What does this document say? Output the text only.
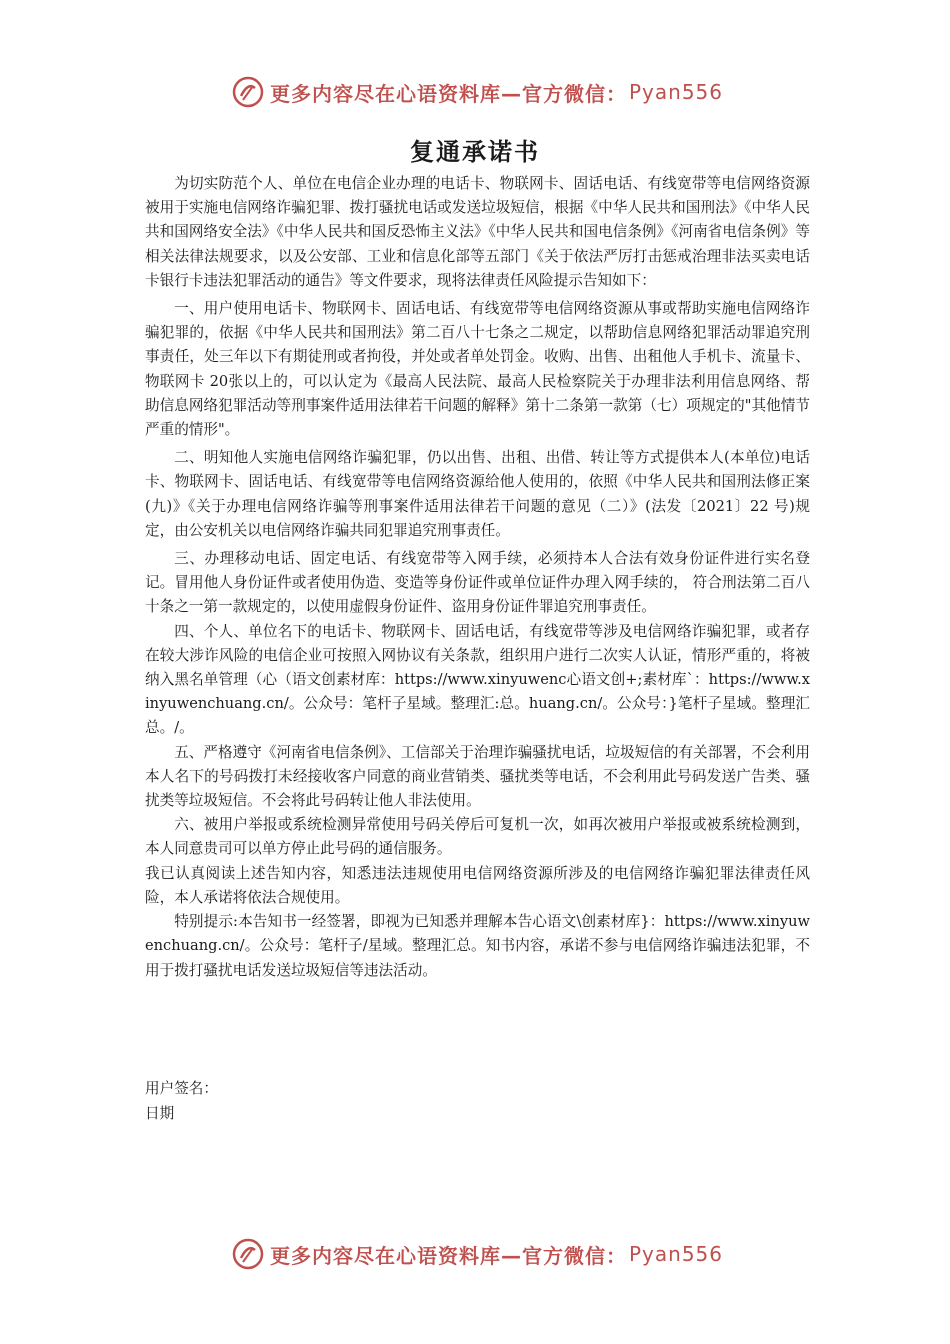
更多内容尽在心语资料库—官方微信： Pyan556
复通承诺书

为切实防范个人、单位在电信企业办理的电话卡、物联网卡、固话电话、有线宽带等电信网络资源被用于实施电信网络诈骗犯罪、拨打骚扰电话或发送垃圾短信，根据《中华人民共和国刑法》《中华人民共和国网络安全法》《中华人民共和国反恐怖主义法》《中华人民共和国电信条例》《河南省电信条例》等相关法律法规要求，以及公安部、工业和信息化部等五部门《关于依法严厉打击惩戒治理非法买卖电话卡银行卡违法犯罪活动的通告》等文件要求，现将法律责任风险提示告知如下：

一、用户使用电话卡、物联网卡、固话电话、有线宽带等电信网络资源从事或帮助实施电信网络诈骗犯罪的，依据《中华人民共和国刑法》第二百八十七条之二规定，以帮助信息网络犯罪活动罪追究刑事责任，处三年以下有期徒刑或者拘役，并处或者单处罚金。收购、出售、出租他人手机卡、流量卡、物联网卡 20张以上的，可以认定为《最高人民法院、最高人民检察院关于办理非法利用信息网络、帮助信息网络犯罪活动等刑事案件适用法律若干问题的解释》第十二条第一款第（七）项规定的"其他情节严重的情形"。

二、明知他人实施电信网络诈骗犯罪，仍以出售、出租、出借、转让等方式提供本人(本单位)电话卡、物联网卡、固话电话、有线宽带等电信网络资源给他人使用的，依照《中华人民共和国刑法修正案(九)》《关于办理电信网络诈骗等刑事案件适用法律若干问题的意见（二）》(法发〔2021〕22 号)规定，由公安机关以电信网络诈骗共同犯罪追究刑事责任。

三、办理移动电话、固定电话、有线宽带等入网手续，必须持本人合法有效身份证件进行实名登记。冒用他人身份证件或者使用伪造、变造等身份证件或单位证件办理入网手续的， 符合刑法第二百八十条之一第一款规定的，以使用虚假身份证件、盗用身份证件罪追究刑事责任。

四、个人、单位名下的电话卡、物联网卡、固话电话，有线宽带等涉及电信网络诈骗犯罪，或者存在较大涉诈风险的电信企业可按照入网协议有关条款，组织用户进行二次实人认证，情形严重的，将被纳入黑名单管理（心（语文创素材库：https://www.xinyuwenc心语文创+;素材库`：https://www.xinyuwenchuang.cn/。公众号：笔杆子星域。整理汇:总。huang.cn/。公众号：}笔杆子星域。整理汇总。/。

五、严格遵守《河南省电信条例》、工信部关于治理诈骗骚扰电话，垃圾短信的有关部署，不会利用本人名下的号码拨打未经接收客户同意的商业营销类、骚扰类等电话，不会利用此号码发送广告类、骚扰类等垃圾短信。不会将此号码转让他人非法使用。

六、被用户举报或系统检测异常使用号码关停后可复机一次，如再次被用户举报或被系统检测到，本人同意贵司可以单方停止此号码的通信服务。

我已认真阅读上述告知内容，知悉违法违规使用电信网络资源所涉及的电信网络诈骗犯罪法律责任风险，本人承诺将依法合规使用。

特别提示:本告知书一经签署，即视为已知悉并理解本告心语文\创素材库}：https://www.xinyuwenchuang.cn/。公众号：笔杆子/星域。整理汇总。知书内容，承诺不参与电信网络诈骗违法犯罪，不用于拨打骚扰电话发送垃圾短信等违法活动。

用户签名：
日期
更多内容尽在心语资料库—官方微信： Pyan556
